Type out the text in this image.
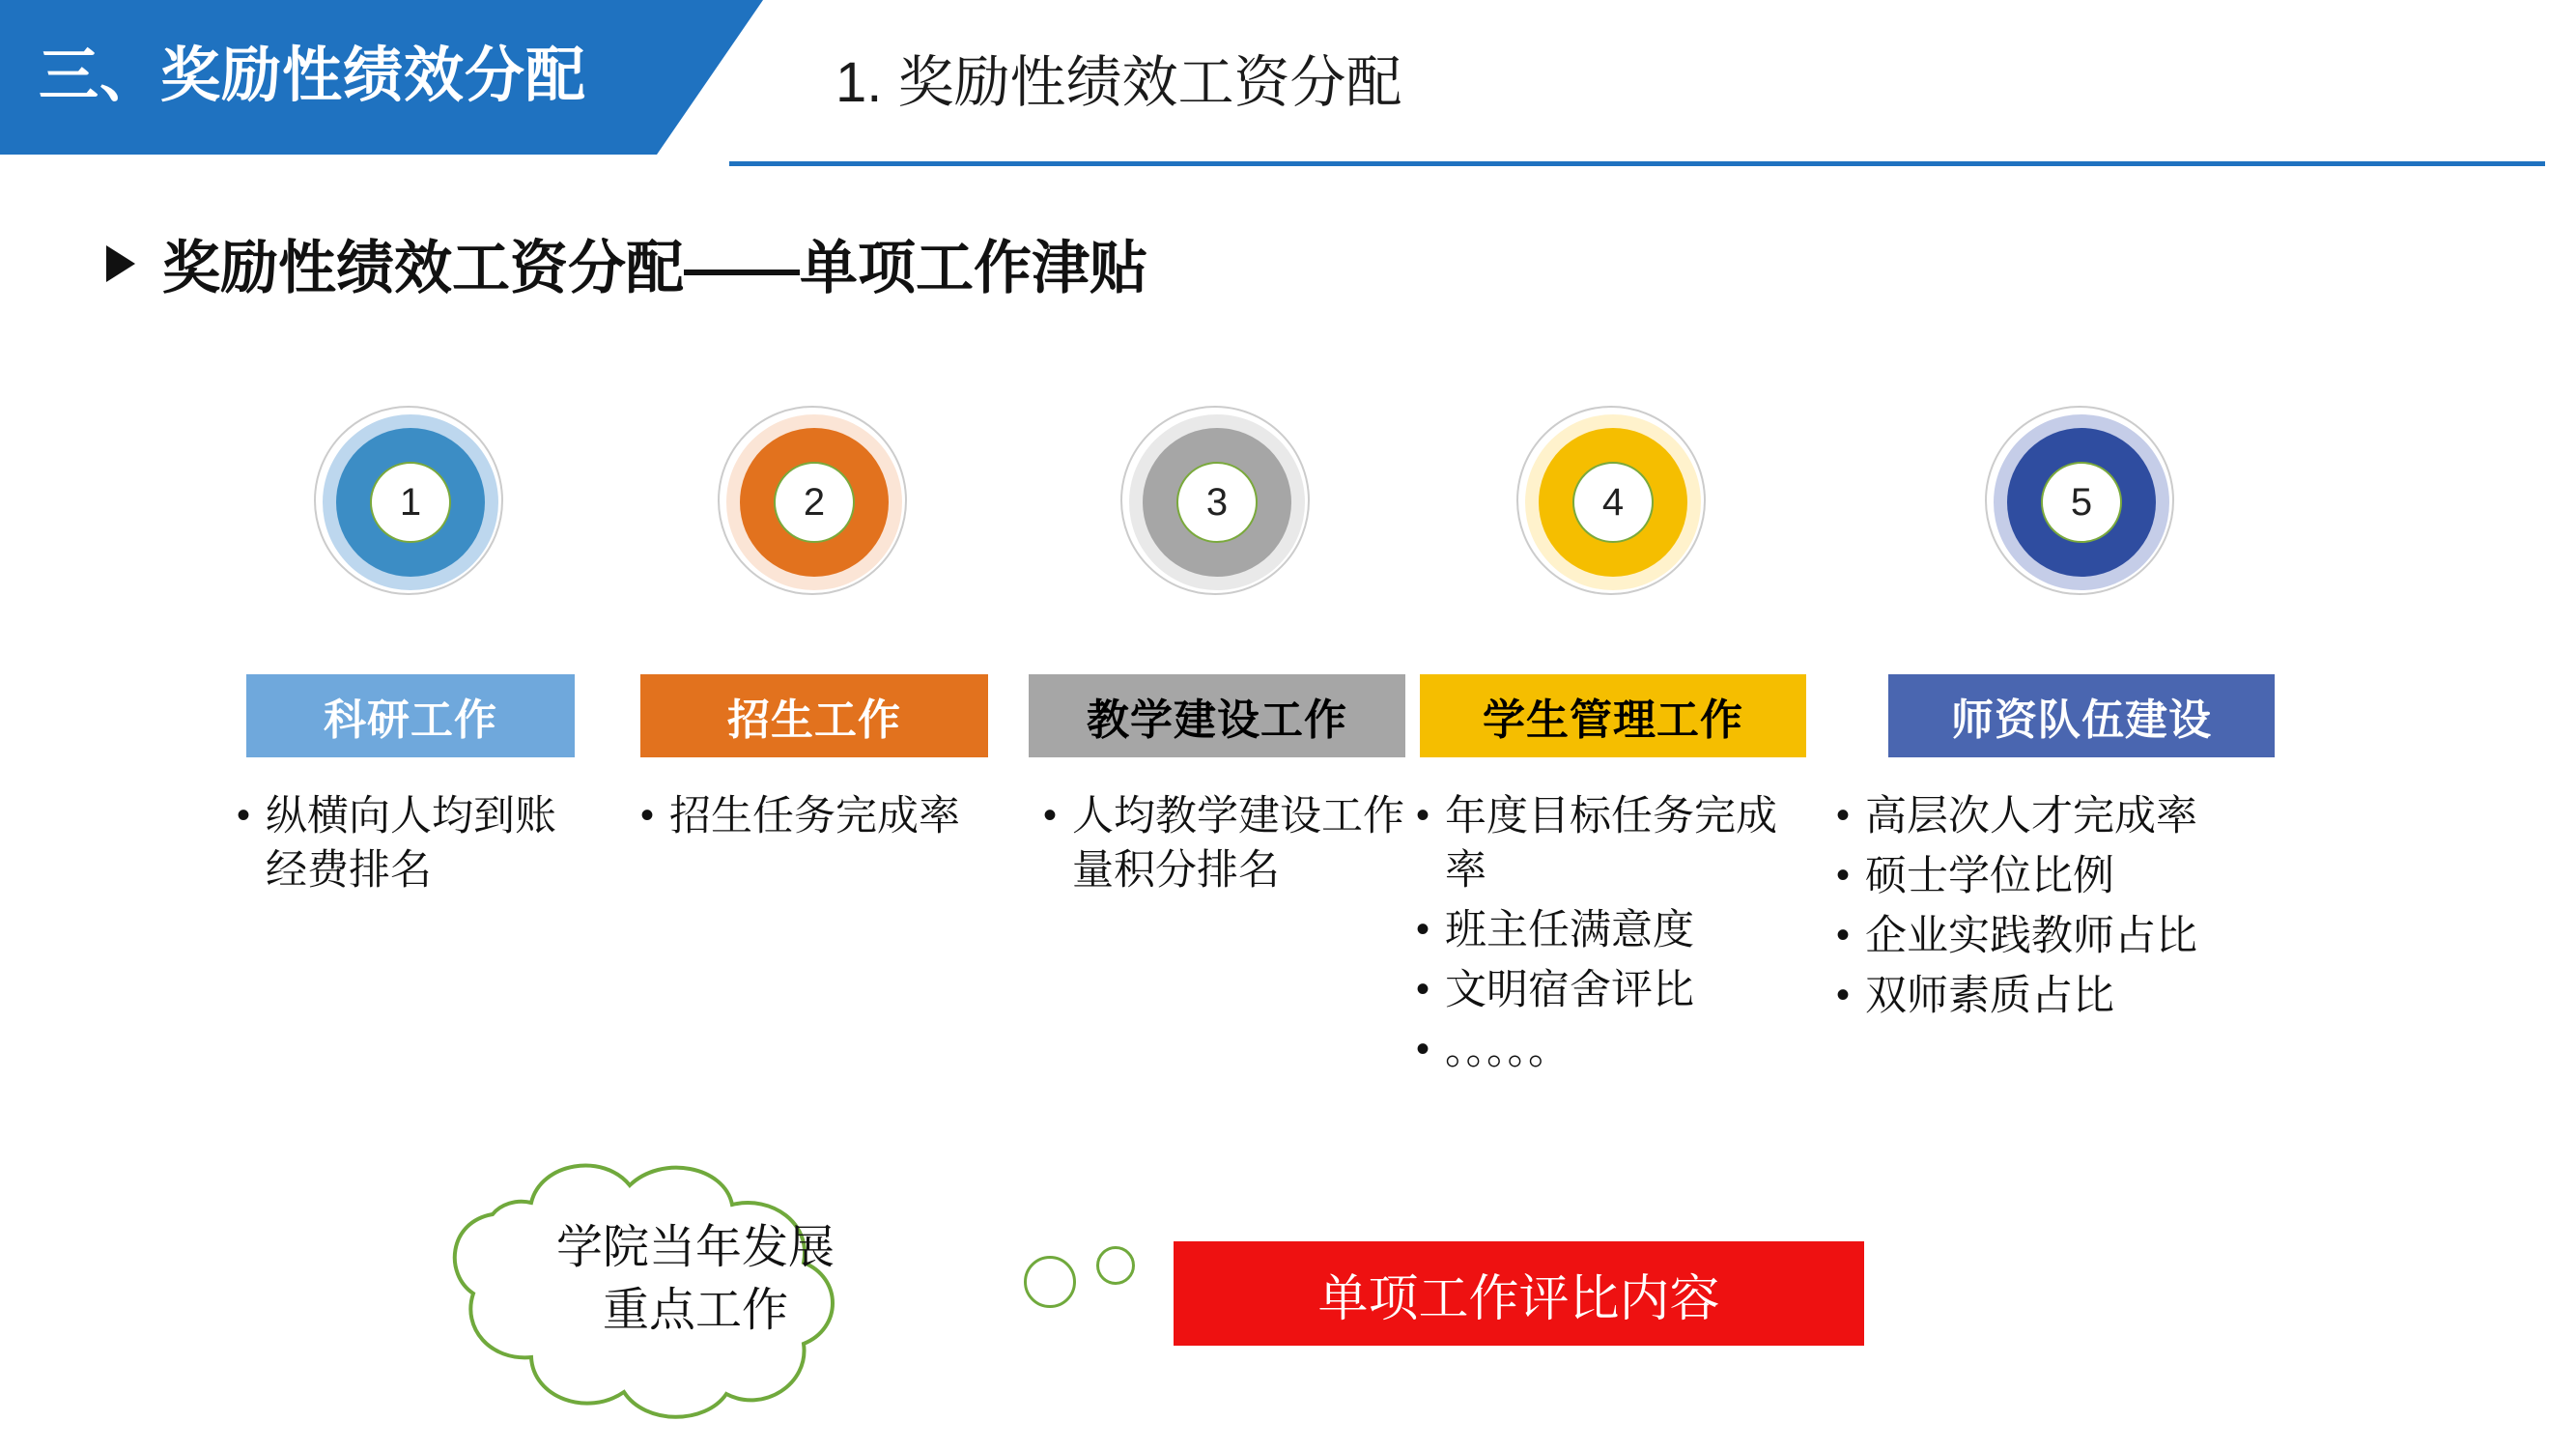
三、奖励性绩效分配	1. 奖励性绩效工资分配
奖励性绩效工资分配——单项工作津贴
1
科研工作
• 纵横向人均到账经费排名
2
招生工作
• 招生任务完成率
3
教学建设工作
• 人均教学建设工作量积分排名
4
学生管理工作
• 年度目标任务完成率
• 班主任满意度
• 文明宿舍评比
• 。。。。。
5
师资队伍建设
• 高层次人才完成率
• 硕士学位比例
• 企业实践教师占比
• 双师素质占比
学院当年发展
重点工作	单项工作评比内容
